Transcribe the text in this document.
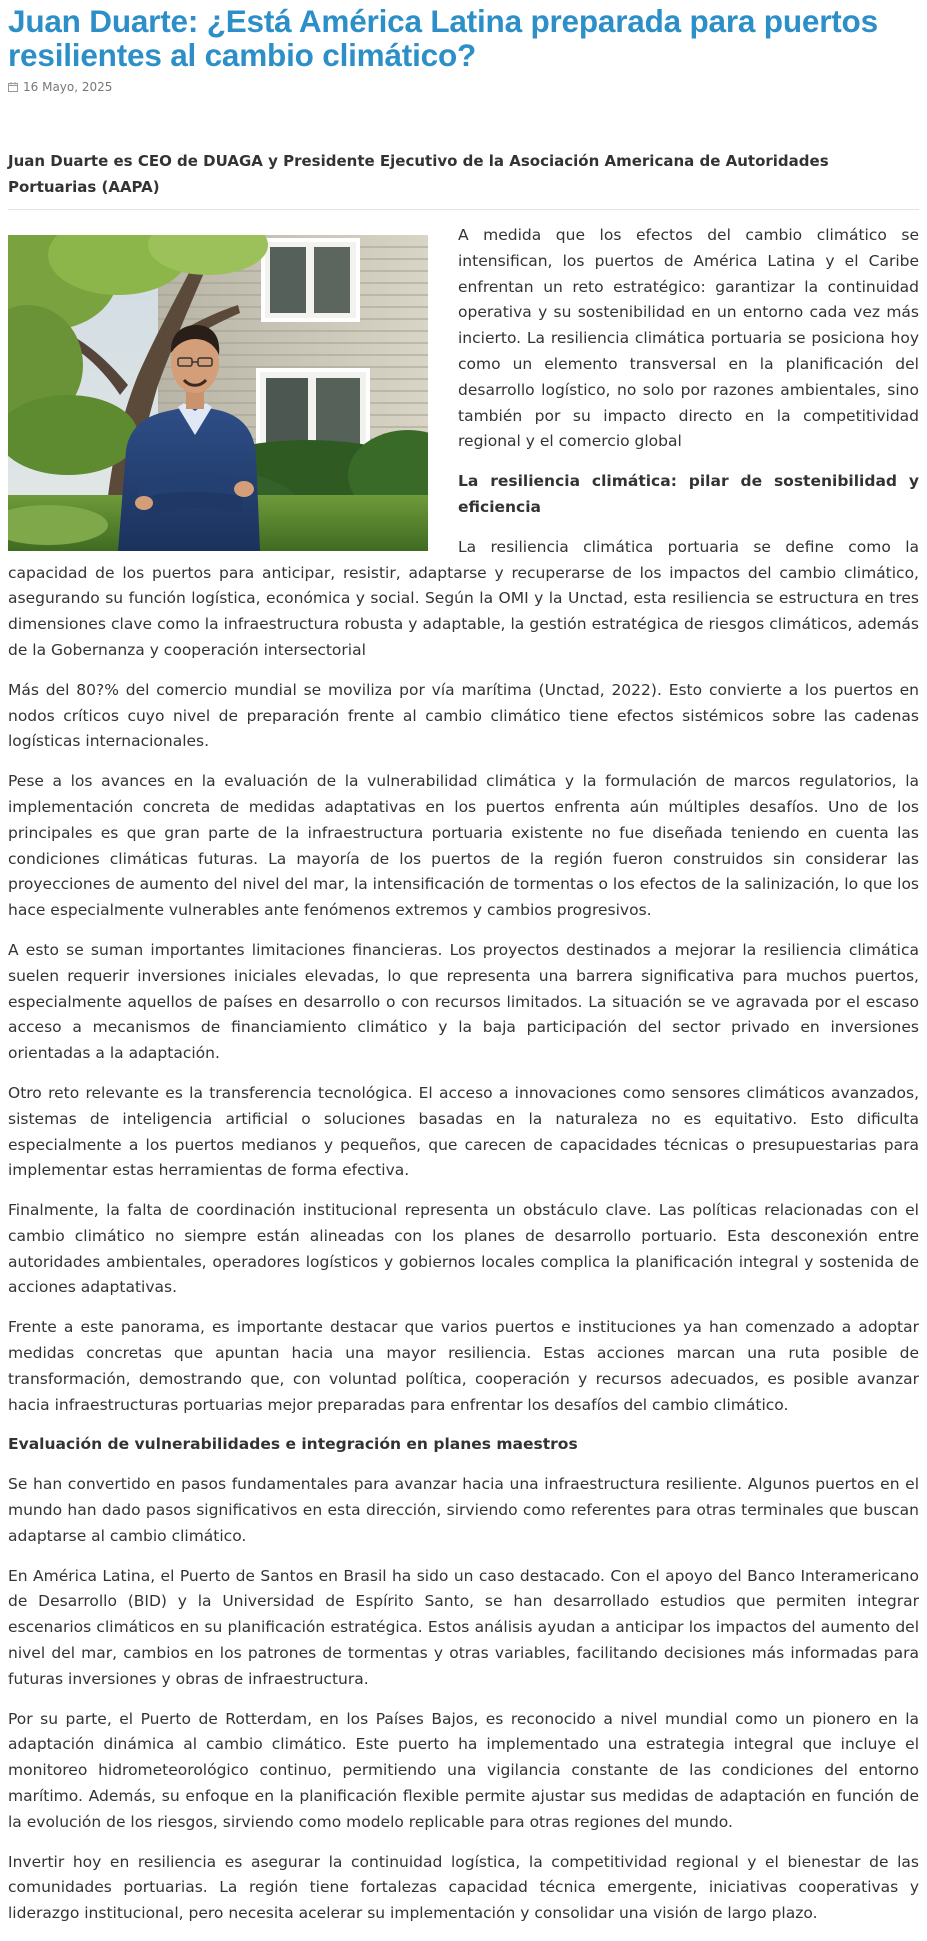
Juan Duarte: ¿Está América Latina preparada para puertos resilientes al cambio climático?
16 Mayo, 2025
Juan Duarte es CEO de DUAGA y Presidente Ejecutivo de la Asociación Americana de Autoridades Portuarias (AAPA)

A medida que los efectos del cambio climático se intensifican, los puertos de América Latina y el Caribe enfrentan un reto estratégico: garantizar la continuidad operativa y su sostenibilidad en un entorno cada vez más incierto. La resiliencia climática portuaria se posiciona hoy como un elemento transversal en la planificación del desarrollo logístico, no solo por razones ambientales, sino también por su impacto directo en la competitividad regional y el comercio global

La resiliencia climática: pilar de sostenibilidad y eficiencia

La resiliencia climática portuaria se define como la capacidad de los puertos para anticipar, resistir, adaptarse y recuperarse de los impactos del cambio climático, asegurando su función logística, económica y social. Según la OMI y la Unctad, esta resiliencia se estructura en tres dimensiones clave como la infraestructura robusta y adaptable, la gestión estratégica de riesgos climáticos, además de la Gobernanza y cooperación intersectorial

Más del 80?% del comercio mundial se moviliza por vía marítima (Unctad, 2022). Esto convierte a los puertos en nodos críticos cuyo nivel de preparación frente al cambio climático tiene efectos sistémicos sobre las cadenas logísticas internacionales.

Pese a los avances en la evaluación de la vulnerabilidad climática y la formulación de marcos regulatorios, la implementación concreta de medidas adaptativas en los puertos enfrenta aún múltiples desafíos. Uno de los principales es que gran parte de la infraestructura portuaria existente no fue diseñada teniendo en cuenta las condiciones climáticas futuras. La mayoría de los puertos de la región fueron construidos sin considerar las proyecciones de aumento del nivel del mar, la intensificación de tormentas o los efectos de la salinización, lo que los hace especialmente vulnerables ante fenómenos extremos y cambios progresivos.

A esto se suman importantes limitaciones financieras. Los proyectos destinados a mejorar la resiliencia climática suelen requerir inversiones iniciales elevadas, lo que representa una barrera significativa para muchos puertos, especialmente aquellos de países en desarrollo o con recursos limitados. La situación se ve agravada por el escaso acceso a mecanismos de financiamiento climático y la baja participación del sector privado en inversiones orientadas a la adaptación.

Otro reto relevante es la transferencia tecnológica. El acceso a innovaciones como sensores climáticos avanzados, sistemas de inteligencia artificial o soluciones basadas en la naturaleza no es equitativo. Esto dificulta especialmente a los puertos medianos y pequeños, que carecen de capacidades técnicas o presupuestarias para implementar estas herramientas de forma efectiva.

Finalmente, la falta de coordinación institucional representa un obstáculo clave. Las políticas relacionadas con el cambio climático no siempre están alineadas con los planes de desarrollo portuario. Esta desconexión entre autoridades ambientales, operadores logísticos y gobiernos locales complica la planificación integral y sostenida de acciones adaptativas.

Frente a este panorama, es importante destacar que varios puertos e instituciones ya han comenzado a adoptar medidas concretas que apuntan hacia una mayor resiliencia. Estas acciones marcan una ruta posible de transformación, demostrando que, con voluntad política, cooperación y recursos adecuados, es posible avanzar hacia infraestructuras portuarias mejor preparadas para enfrentar los desafíos del cambio climático.

Evaluación de vulnerabilidades e integración en planes maestros

Se han convertido en pasos fundamentales para avanzar hacia una infraestructura resiliente. Algunos puertos en el mundo han dado pasos significativos en esta dirección, sirviendo como referentes para otras terminales que buscan adaptarse al cambio climático.

En América Latina, el Puerto de Santos en Brasil ha sido un caso destacado. Con el apoyo del Banco Interamericano de Desarrollo (BID) y la Universidad de Espírito Santo, se han desarrollado estudios que permiten integrar escenarios climáticos en su planificación estratégica. Estos análisis ayudan a anticipar los impactos del aumento del nivel del mar, cambios en los patrones de tormentas y otras variables, facilitando decisiones más informadas para futuras inversiones y obras de infraestructura.

Por su parte, el Puerto de Rotterdam, en los Países Bajos, es reconocido a nivel mundial como un pionero en la adaptación dinámica al cambio climático. Este puerto ha implementado una estrategia integral que incluye el monitoreo hidrometeorológico continuo, permitiendo una vigilancia constante de las condiciones del entorno marítimo. Además, su enfoque en la planificación flexible permite ajustar sus medidas de adaptación en función de la evolución de los riesgos, sirviendo como modelo replicable para otras regiones del mundo.

Invertir hoy en resiliencia es asegurar la continuidad logística, la competitividad regional y el bienestar de las comunidades portuarias. La región tiene fortalezas capacidad técnica emergente, iniciativas cooperativas y liderazgo institucional, pero necesita acelerar su implementación y consolidar una visión de largo plazo.
